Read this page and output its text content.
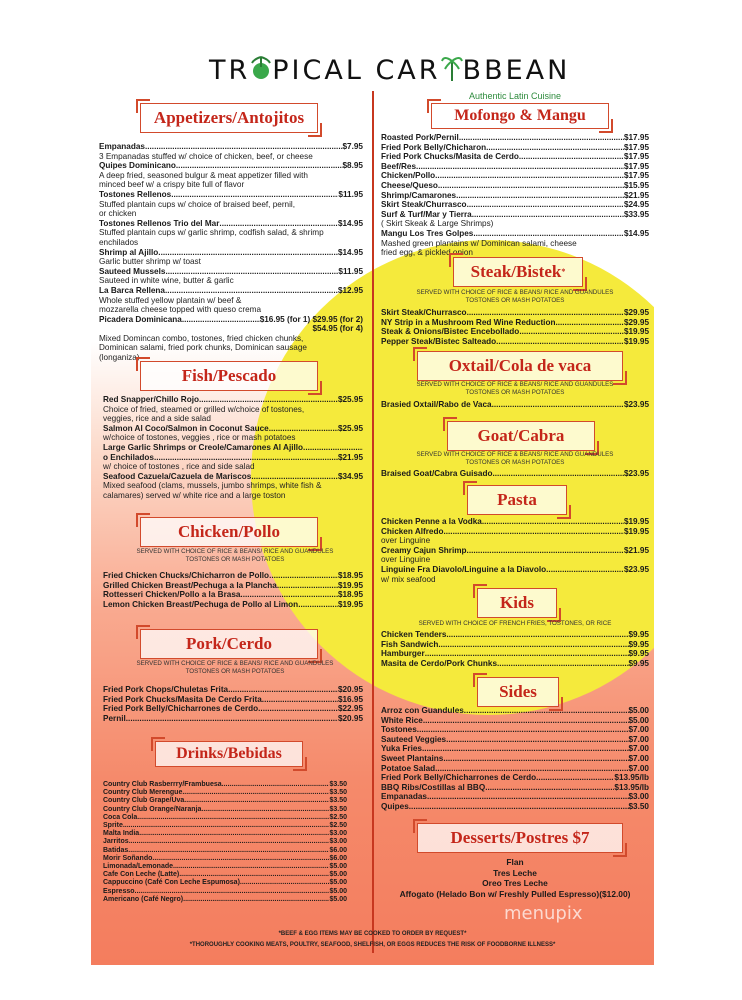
TR PICAL CAR BBEAN
Authentic Latin Cuisine
Appetizers/Antojitos
Empanadas .....	$7.95
3 Empanadas stuffed w/ choice of chicken, beef, or cheese
Quipes Dominicano .....	$8.95
A deep fried, seasoned bulgur & meat appetizer filled with
minced beef w/ a crispy bite full of flavor
Tostones Rellenos .....	$11.95
Stuffed plantain cups w/ choice of braised beef, pernil,
or chicken
Tostones Rellenos Trio del Mar .....	$14.95
Stuffed plantain cups w/ garlic shrimp, codfish salad, & shrimp
enchilados
Shrimp al Ajillo .....	$14.95
Garlic butter shrimp w/ toast
Sauteed Mussels .....	$11.95
Sauteed in white wine, butter & garlic
La Barca Rellena .....	$12.95
Whole stuffed yellow plantain w/ beef &
mozzarella cheese topped with queso crema
Picadera Dominicana .....	$16.95 (for 1) $29.95 (for 2)
$54.95 (for 4)
Mixed Domincan combo, tostones, fried chicken chunks,
Dominican salami, fried pork chunks, Dominican sausage
(longaniza)
Fish/Pescado
Red Snapper/Chillo Rojo .....	$25.95
Choice of fried, steamed or grilled w/choice of tostones,
veggies, rice and a side salad
Salmon Al Coco/Salmon in Coconut Sauce .....	$25.95
w/choice of tostones, veggies , rice or mash potatoes
Large Garlic Shrimps or Creole/Camarones Al Ajillo
.....
o Enchilados .....	$21.95
w/ choice of tostones , rice and side salad
Seafood Cazuela/Cazuela de Mariscos .....	$34.95
Mixed seafood (clams, mussels, jumbo shrimps, white fish &
calamares) served w/ white rice and a large toston
Chicken/Pollo
SERVED WITH CHOICE OF RICE & BEANS/ RICE AND GUANDULES
TOSTONES OR MASH POTATOES
Fried Chicken Chucks/Chicharron de Pollo .....	$18.95
Grilled Chicken Breast/Pechuga a la Plancha .....	$19.95
Rottesseri Chicken/Pollo a la Brasa .....	$18.95
Lemon Chicken Breast/Pechuga de Pollo al Limon .....	$19.95
Pork/Cerdo
SERVED WITH CHOICE OF RICE & BEANS/ RICE AND GUANDULES
TOSTONES OR MASH POTATOES
Fried Pork Chops/Chuletas Frita .....	$20.95
Fried Pork Chucks/Masita De Cerdo Frita .....	$16.95
Fried Pork Belly/Chicharrones de Cerdo .....	$22.95
Pernil .....	$20.95
Drinks/Bebidas
Country Club Rasberrry/Frambuesa .....	$3.50
Country Club Merengue .....	$3.50
Country Club Grape/Uva .....	$3.50
Country Club Orange/Naranja .....	$3.50
Coca Cola .....	$2.50
Sprite .....	$2.50
Malta India .....	$3.00
Jarritos .....	$3.00
Batidas .....	$6.00
Morir Soñando .....	$6.00
Limonada/Lemonade .....	$5.00
Cafe Con Leche (Latte) .....	$5.00
Cappuccino (Café Con Leche Espumosa) .....	$5.00
Espresso .....	$5.00
Americano (Café Negro) .....	$5.00
Mofongo & Mangu
Roasted Pork/Pernil .....	$17.95
Fried Pork Belly/Chicharon .....	$17.95
Fried Pork Chucks/Masita de Cerdo .....	$17.95
Beef/Res .....	$17.95
Chicken/Pollo .....	$17.95
Cheese/Queso .....	$15.95
Shrimp/Camarones .....	$21.95
Skirt Steak/Churrasco .....	$24.95
Surf & Turf/Mar y Tierra .....	$33.95
( Skirt Skeak & Large Shrimps)
Mangu Los Tres Golpes .....	$14.95
Mashed green plantains w/ Dominican salami, cheese
fried egg, & pickled onion
Steak/Bistek*
SERVED WITH CHOICE OF RICE & BEANS/ RICE AND GUANDULES
TOSTONES OR MASH POTATOES
Skirt Steak/Churrasco .....	$29.95
NY Strip in a Mushroom Red Wine Reduction .....	$29.95
Steak & Onions/Bistec Encebollado .....	$19.95
Pepper Steak/Bistec Salteado .....	$19.95
Oxtail/Cola de vaca
SERVED WITH CHOICE OF RICE & BEANS/ RICE AND GUANDULES
TOSTONES OR MASH POTATOES
Brasied Oxtail/Rabo de Vaca .....	$23.95
Goat/Cabra
SERVED WITH CHOICE OF RICE & BEANS/ RICE AND GUANDULES
TOSTONES OR MASH POTATOES
Braised Goat/Cabra Guisado .....	$23.95
Pasta
Chicken Penne a la Vodka .....	$19.95
Chicken Alfredo .....	$19.95
over Linguine
Creamy Cajun Shrimp .....	$21.95
over Linguine
Linguine Fra Diavolo/Linguine a la Diavolo .....	$23.95
w/ mix seafood
Kids
SERVED WITH CHOICE OF FRENCH FRIES, TOSTONES, OR RICE
Chicken Tenders .....	$9.95
Fish Sandwich .....	$9.95
Hamburger .....	$9.95
Masita de Cerdo/Pork Chunks .....	$9.95
Sides
Arroz con Guandules .....	$5.00
White Rice .....	$5.00
Tostones .....	$7.00
Sauteed Veggies .....	$7.00
Yuka Fries .....	$7.00
Sweet Plantains .....	$7.00
Potatoe Salad .....	$7.00
Fried Pork Belly/Chicharrones de Cerdo .....	$13.95/lb
BBQ Ribs/Costillas al BBQ .....	$13.95/lb
Empanadas .....	$3.00
Quipes .....	$3.50
Desserts/Postres $7
Flan
Tres Leche
Oreo Tres Leche
Affogato (Helado Bon w/ Freshly Pulled Espresso)($12.00)
*BEEF & EGG ITEMS MAY BE COOKED TO ORDER BY REQUEST*
*THOROUGHLY COOKING MEATS, POULTRY, SEAFOOD, SHELFISH, OR EGGS REDUCES THE RISK OF FOODBORNE ILLNESS*
menupix
